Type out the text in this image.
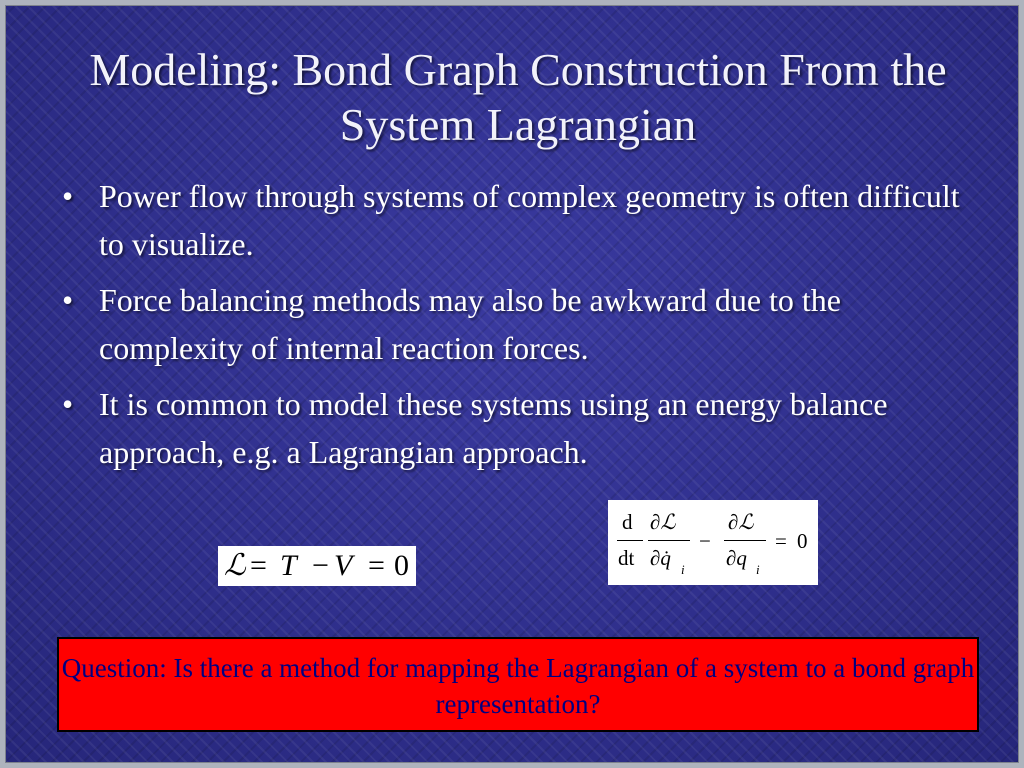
Modeling: Bond Graph Construction From the System Lagrangian
• Power flow through systems of complex geometry is often difficult to visualize.
• Force balancing methods may also be awkward due to the complexity of internal reaction forces.
• It is common to model these systems using an energy balance approach, e.g. a Lagrangian approach.
ℒ = T − V = 0
d
dt
∂ℒ
∂q̇ i
−
∂ℒ
∂q i
= 0
Question: Is there a method for mapping the Lagrangian of a system to a bond graph representation?
